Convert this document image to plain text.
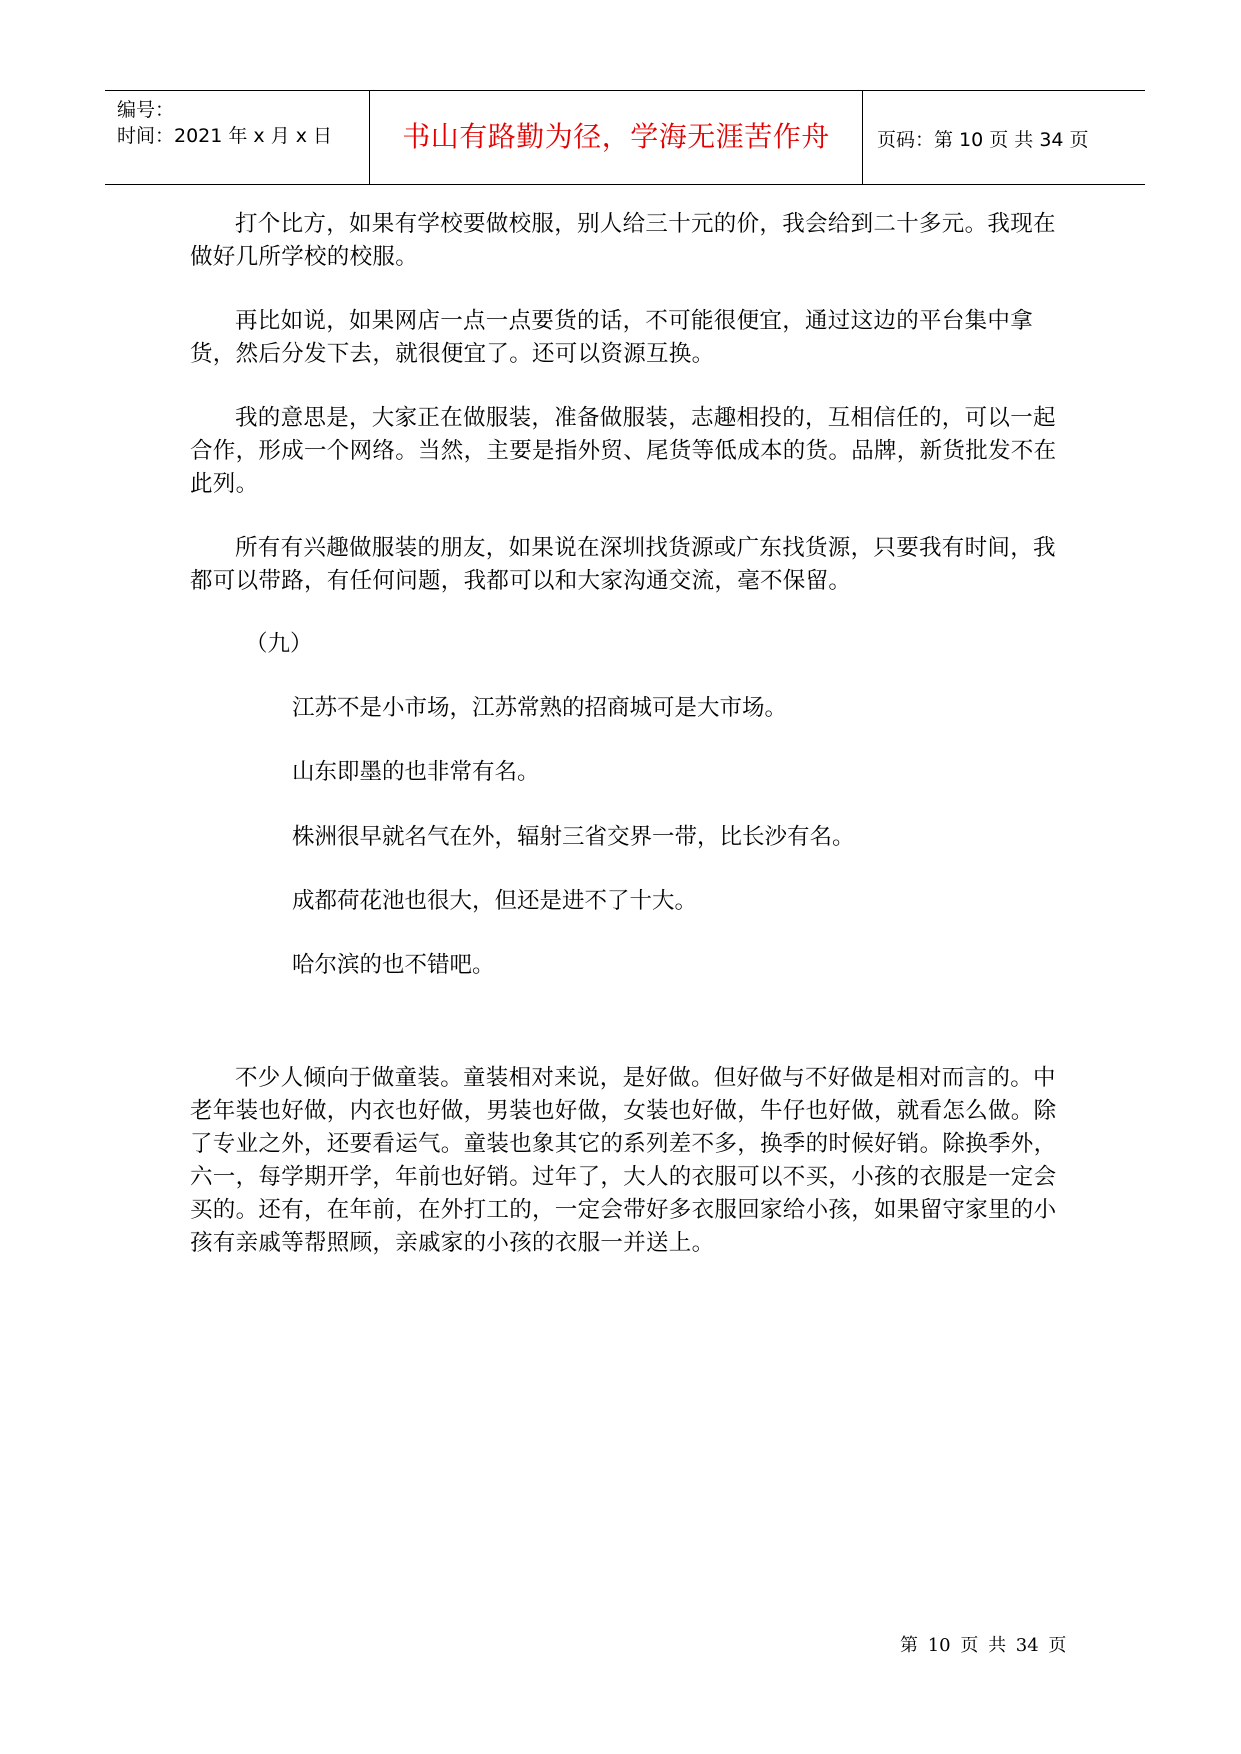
编号：
时间：2021 年 x 月 x 日	书山有路勤为径，学海无涯苦作舟	页码：第 10 页 共 34 页

打个比方，如果有学校要做校服，别人给三十元的价，我会给到二十多元。我现在做好几所学校的校服。

再比如说，如果网店一点一点要货的话，不可能很便宜，通过这边的平台集中拿货，然后分发下去，就很便宜了。还可以资源互换。

我的意思是，大家正在做服装，准备做服装，志趣相投的，互相信任的，可以一起合作，形成一个网络。当然，主要是指外贸、尾货等低成本的货。品牌，新货批发不在此列。

所有有兴趣做服装的朋友，如果说在深圳找货源或广东找货源，只要我有时间，我都可以带路，有任何问题，我都可以和大家沟通交流，毫不保留。

（九）

江苏不是小市场，江苏常熟的招商城可是大市场。

山东即墨的也非常有名。

株洲很早就名气在外，辐射三省交界一带，比长沙有名。

成都荷花池也很大，但还是进不了十大。

哈尔滨的也不错吧。

不少人倾向于做童装。童装相对来说，是好做。但好做与不好做是相对而言的。中老年装也好做，内衣也好做，男装也好做，女装也好做，牛仔也好做，就看怎么做。除了专业之外，还要看运气。童装也象其它的系列差不多，换季的时候好销。除换季外，六一，每学期开学，年前也好销。过年了，大人的衣服可以不买，小孩的衣服是一定会买的。还有，在年前，在外打工的，一定会带好多衣服回家给小孩，如果留守家里的小孩有亲戚等帮照顾，亲戚家的小孩的衣服一并送上。

第 10 页 共 34 页
